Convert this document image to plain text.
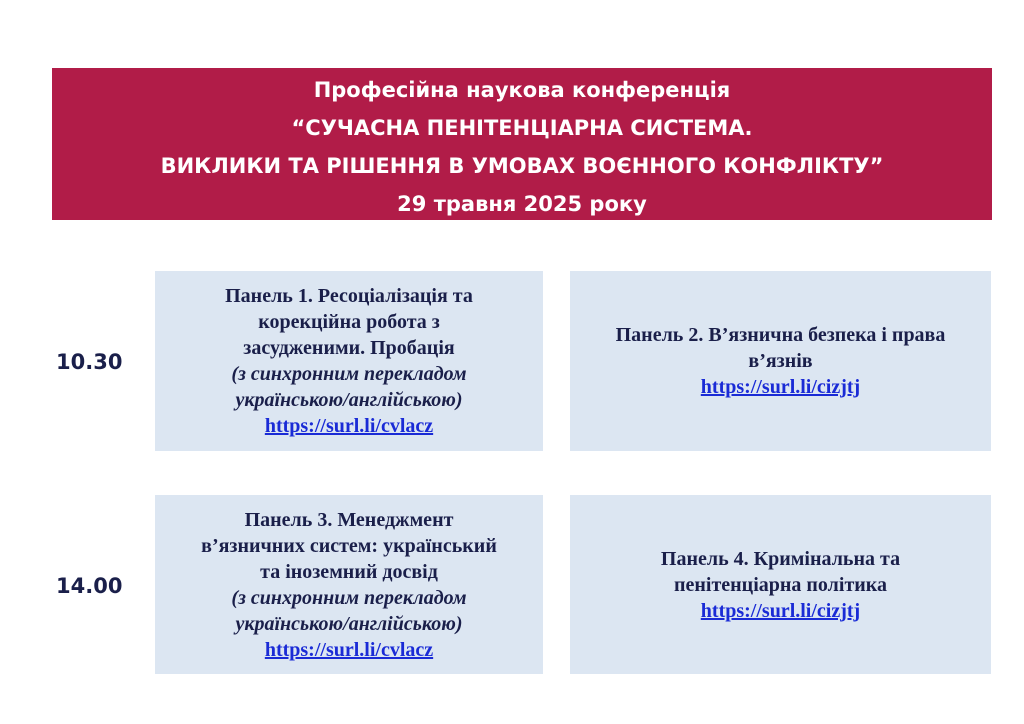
Професійна наукова конференція
“СУЧАСНА ПЕНІТЕНЦІАРНА СИСТЕМА.
ВИКЛИКИ ТА РІШЕННЯ В УМОВАХ ВОЄННОГО КОНФЛІКТУ”
29 травня 2025 року
10.30
Панель 1. Ресоціалізація та
корекційна робота з
засудженими. Пробація
(з синхронним перекладом
українською/англійською)
https://surl.li/cvlacz
Панель 2. В’язнична безпека і права
в’язнів
https://surl.li/cizjtj
14.00
Панель 3. Менеджмент
в’язничних систем: український
та іноземний досвід
(з синхронним перекладом
українською/англійською)
https://surl.li/cvlacz
Панель 4. Кримінальна та
пенітенціарна політика
https://surl.li/cizjtj
